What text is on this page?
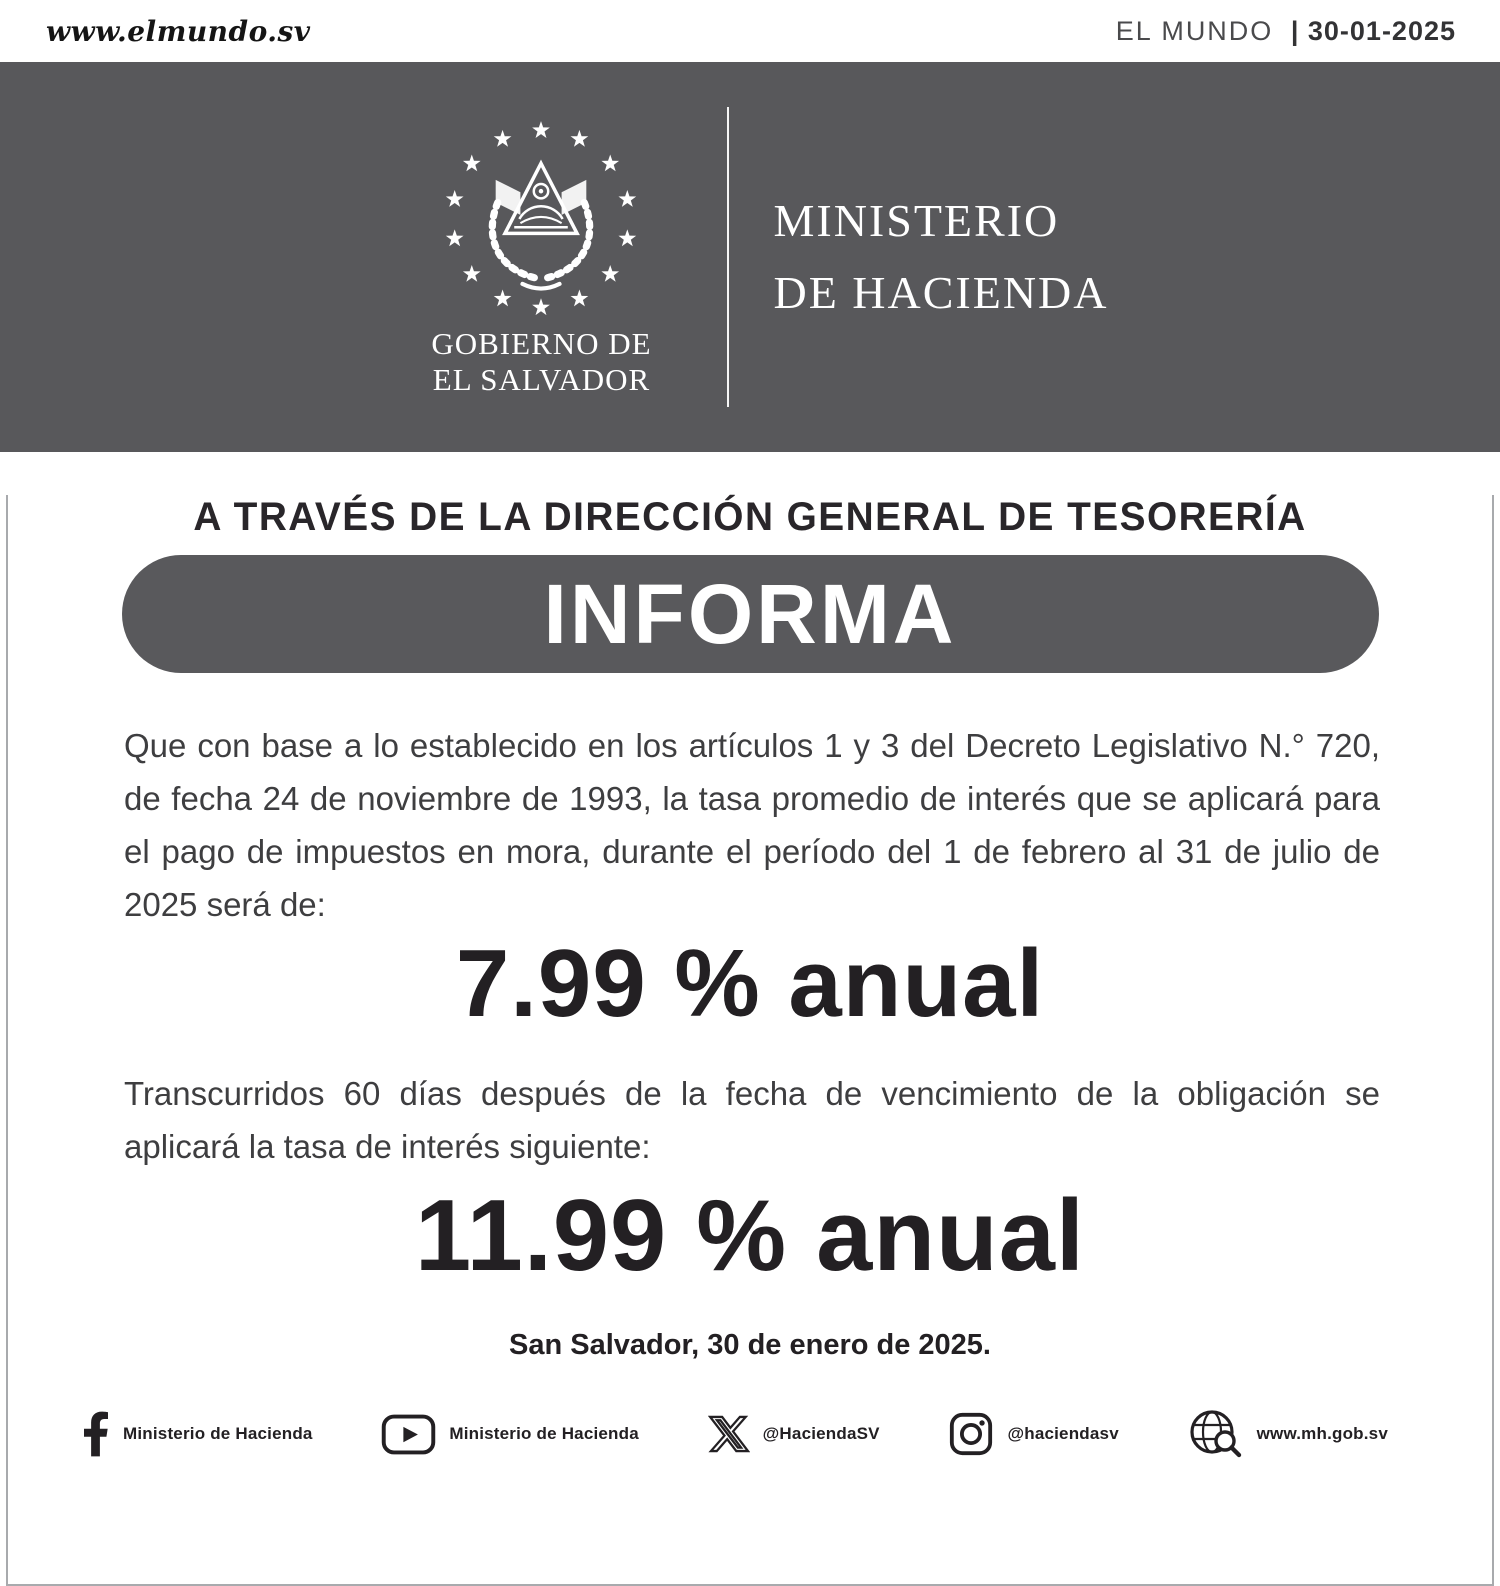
www.elmundo.sv	EL MUNDO | 30-01-2025
GOBIERNO DE
EL SALVADOR
MINISTERIO
DE HACIENDA
A TRAVÉS DE LA DIRECCIÓN GENERAL DE TESORERÍA
INFORMA

Que con base a lo establecido en los artículos 1 y 3 del Decreto Legislativo N.° 720, de fecha 24 de noviembre de 1993, la tasa promedio de interés que se aplicará para el pago de impuestos en mora, durante el período del 1 de febrero al 31 de julio de 2025 será de:

7.99 % anual

Transcurridos 60 días después de la fecha de vencimiento de la obligación se aplicará la tasa de interés siguiente:

11.99 % anual
San Salvador, 30 de enero de 2025.
Ministerio de Hacienda	Ministerio de Hacienda	@HaciendaSV	@haciendasv	www.mh.gob.sv
